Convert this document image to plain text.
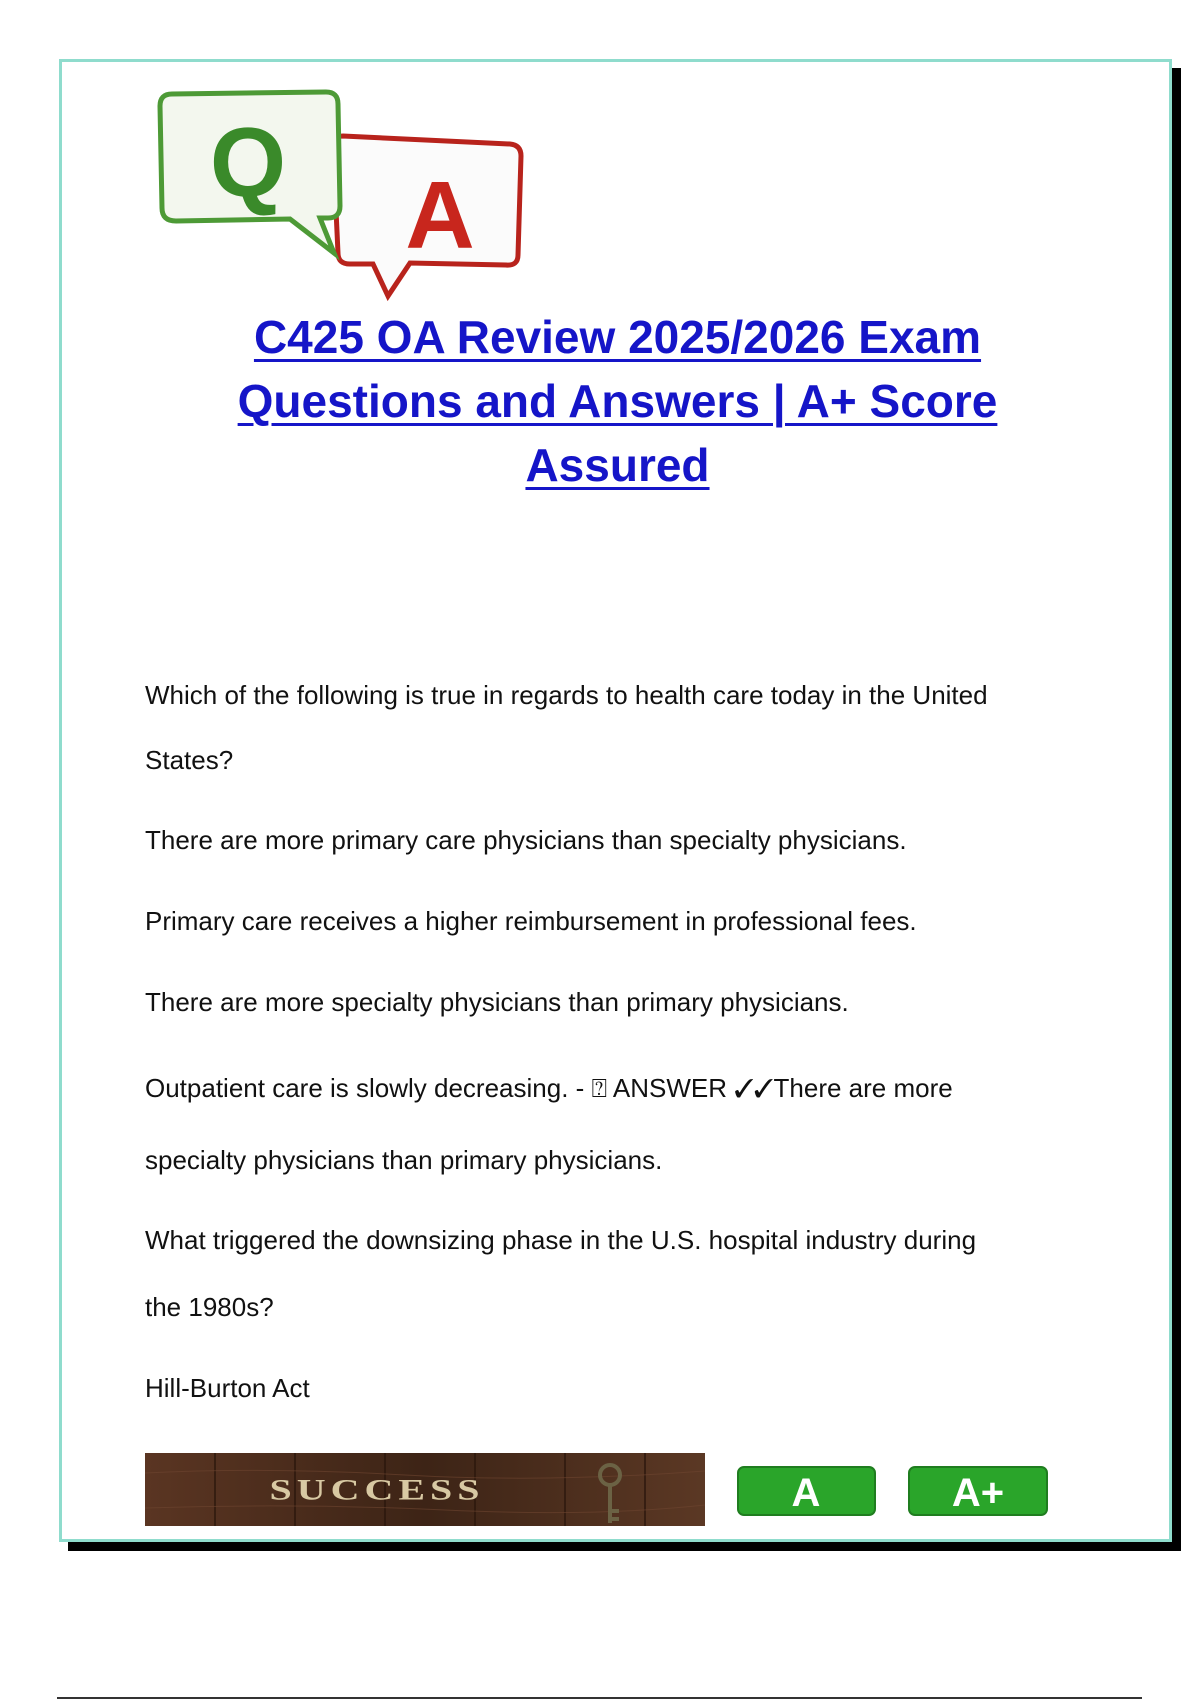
A
Q
C425 OA Review 2025/2026 Exam
Questions and Answers | A+ Score
Assured
Which of the following is true in regards to health care today in the United
States?
There are more primary care physicians than specialty physicians.
Primary care receives a higher reimbursement in professional fees.
There are more specialty physicians than primary physicians.
Outpatient care is slowly decreasing. - ⍰ ANSWER ✓✓There are more
specialty physicians than primary physicians.
What triggered the downsizing phase in the U.S. hospital industry during
the 1980s?
Hill-Burton Act
SUCCESS	A	A+
